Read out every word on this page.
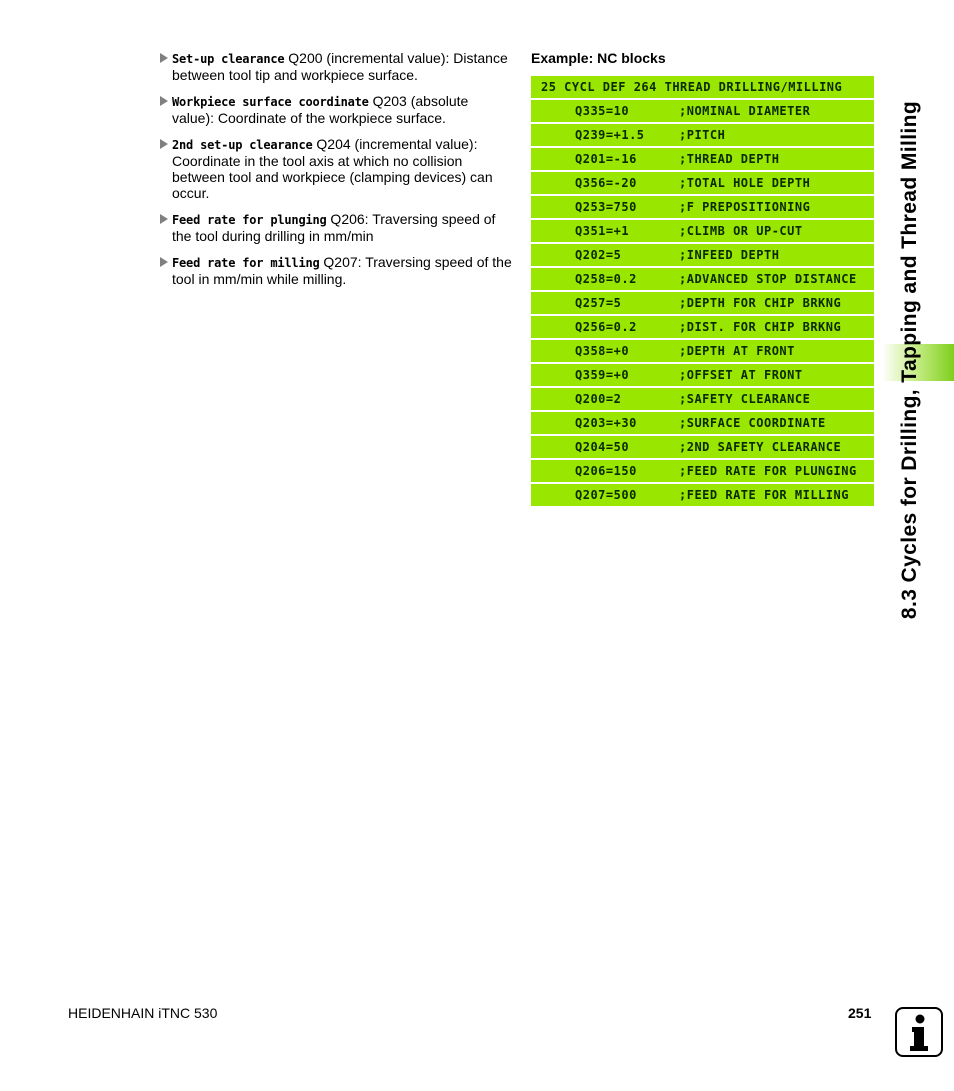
Set-up clearance Q200 (incremental value): Distance
between tool tip and workpiece surface.
Workpiece surface coordinate Q203 (absolute
value): Coordinate of the workpiece surface.
2nd set-up clearance Q204 (incremental value):
Coordinate in the tool axis at which no collision between tool and workpiece (clamping devices) can occur.
Feed rate for plunging Q206: Traversing speed of
the tool during drilling in mm/min
Feed rate for milling Q207: Traversing speed of the
tool in mm/min while milling.
Example: NC blocks
25 CYCL DEF 264 THREAD DRILLING/MILLING
Q335=10	;NOMINAL DIAMETER
Q239=+1.5	;PITCH
Q201=-16	;THREAD DEPTH
Q356=-20	;TOTAL HOLE DEPTH
Q253=750	;F PREPOSITIONING
Q351=+1	;CLIMB OR UP-CUT
Q202=5	;INFEED DEPTH
Q258=0.2	;ADVANCED STOP DISTANCE
Q257=5	;DEPTH FOR CHIP BRKNG
Q256=0.2	;DIST. FOR CHIP BRKNG
Q358=+0	;DEPTH AT FRONT
Q359=+0	;OFFSET AT FRONT
Q200=2	;SAFETY CLEARANCE
Q203=+30	;SURFACE COORDINATE
Q204=50	;2ND SAFETY CLEARANCE
Q206=150	;FEED RATE FOR PLUNGING
Q207=500	;FEED RATE FOR MILLING 8.3 Cycles for Drilling, Tapping and Thread Milling
HEIDENHAIN iTNC 530	251
